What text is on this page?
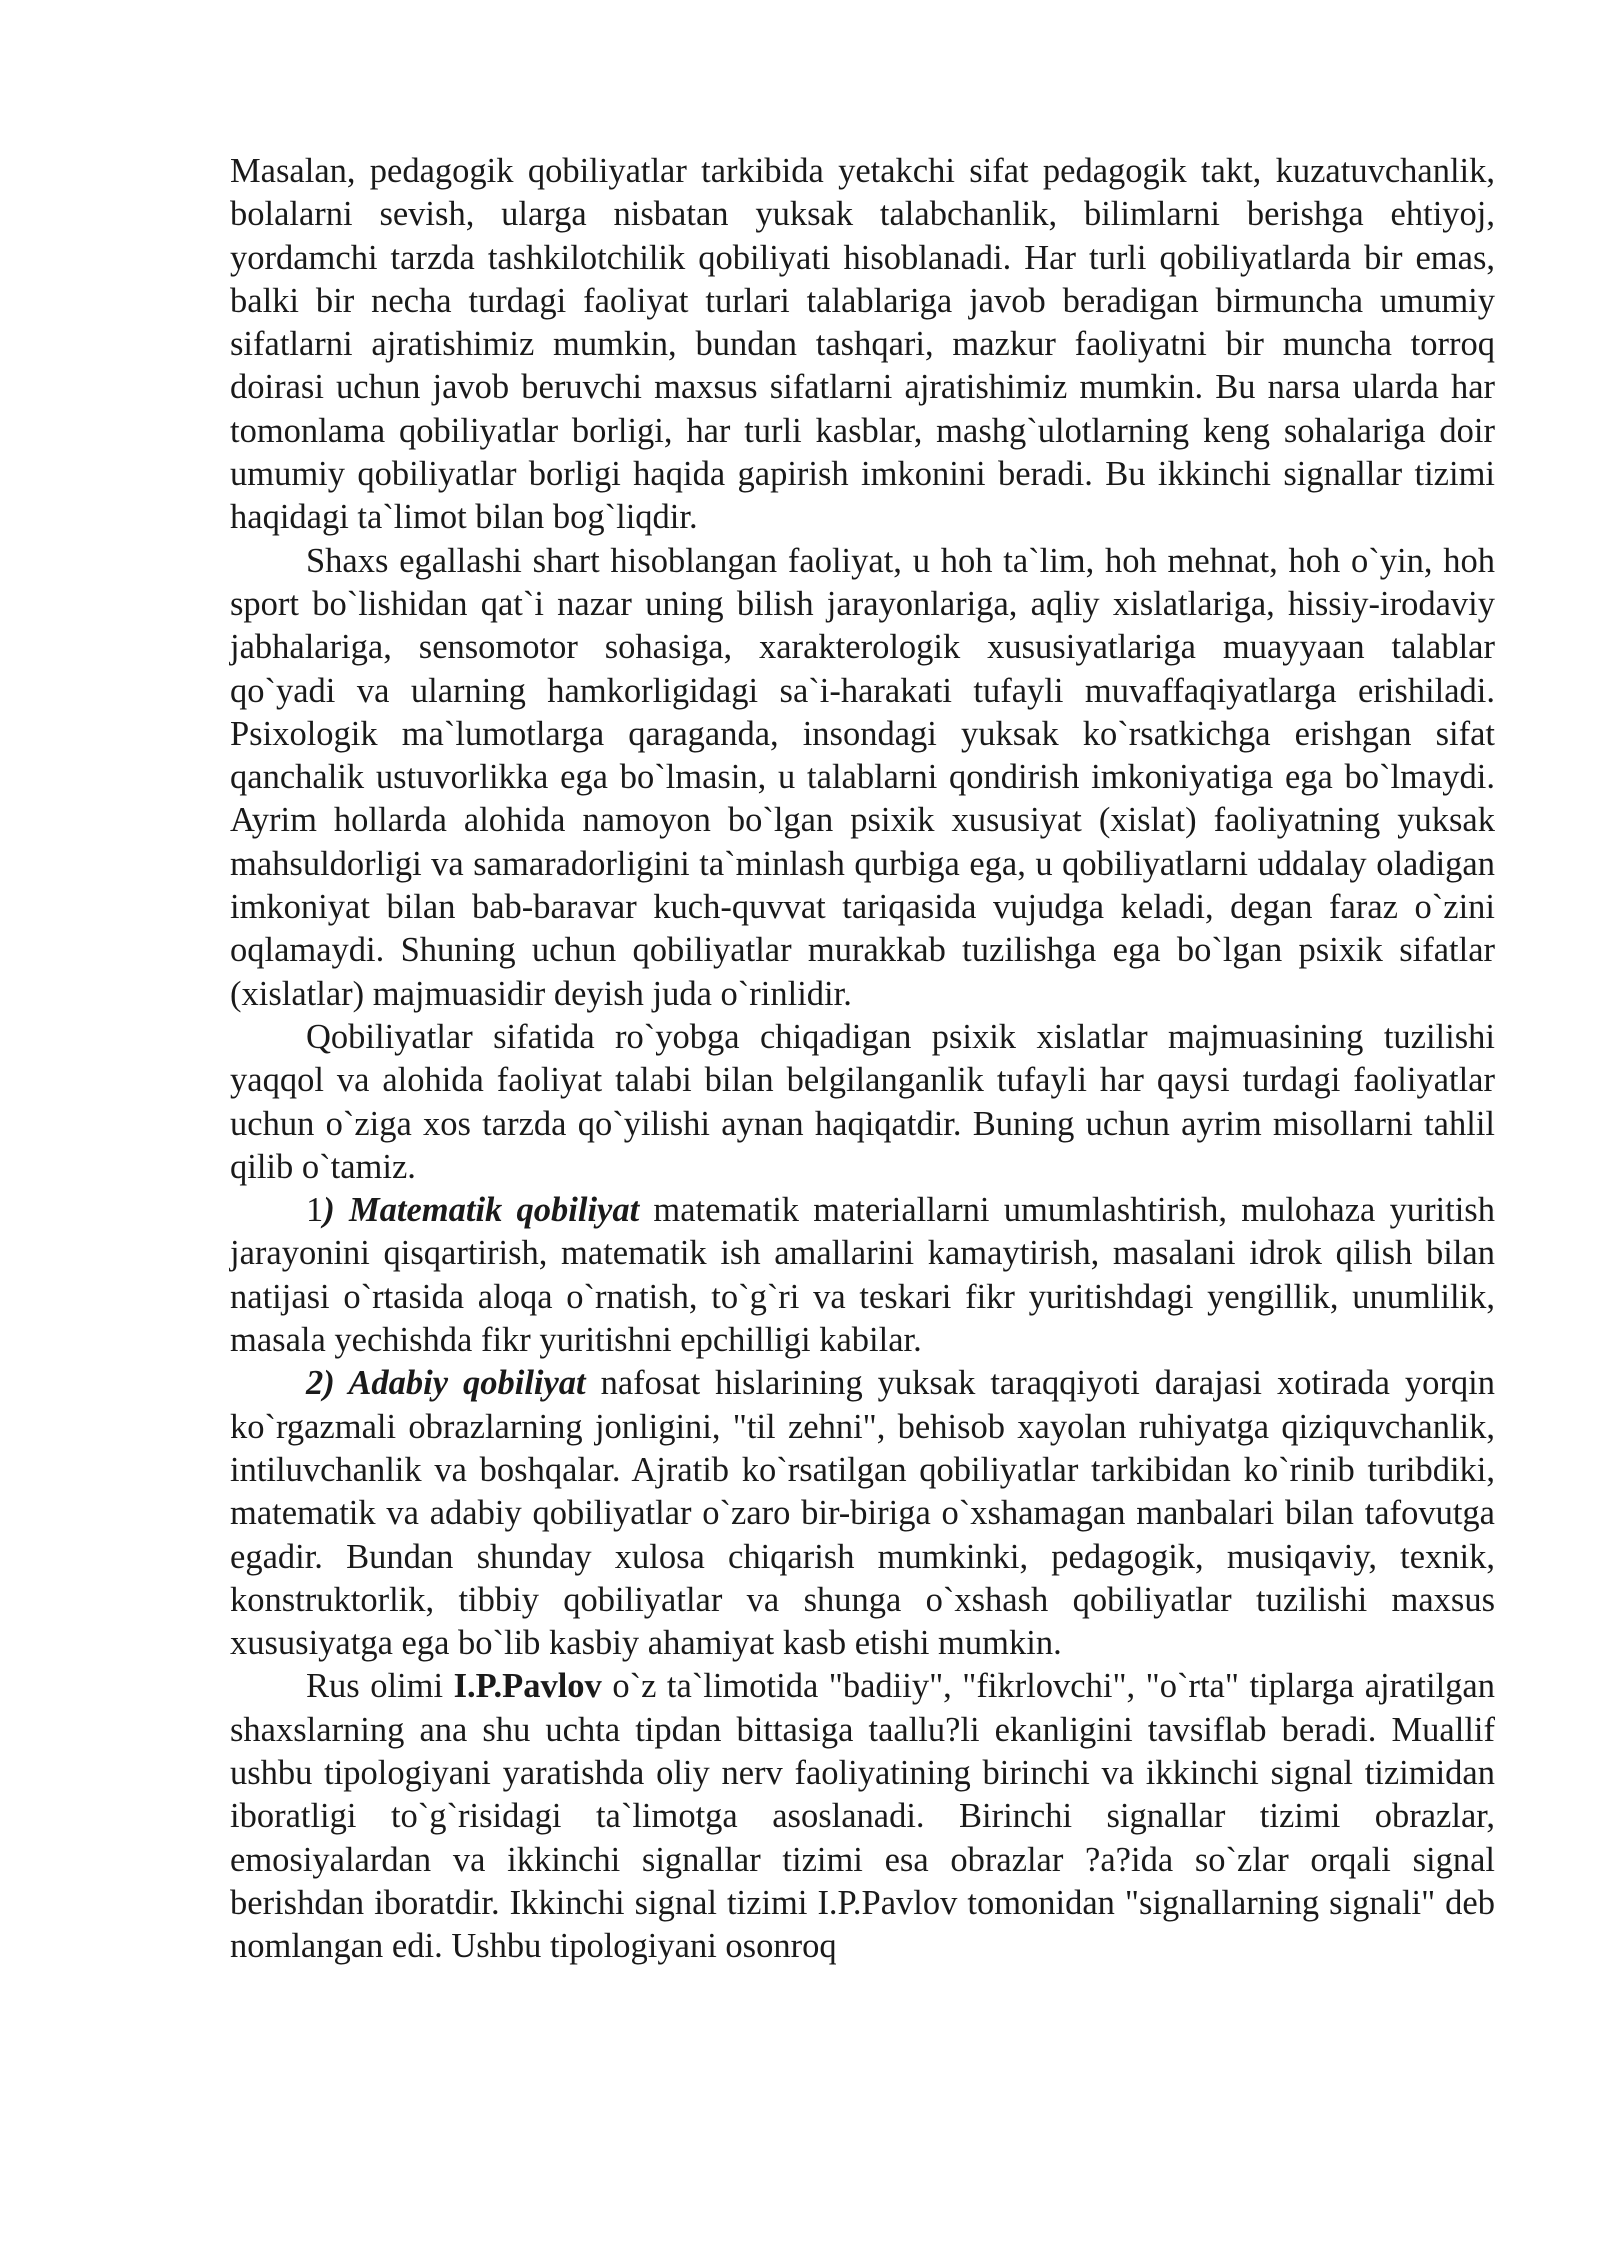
Masalan, pedagogik qobiliyatlar tarkibida yetakchi sifat pedagogik takt, kuzatuvchanlik, bolalarni sevish, ularga nisbatan yuksak talabchanlik, bilimlarni berishga ehtiyoj, yordamchi tarzda tashkilotchilik qobiliyati hisoblanadi. Har turli qobiliyatlarda bir emas, balki bir necha turdagi faoliyat turlari talablariga javob beradigan birmuncha umumiy sifatlarni ajratishimiz mumkin, bundan tashqari, mazkur faoliyatni bir muncha torroq doirasi uchun javob beruvchi maxsus sifatlarni ajratishimiz mumkin. Bu narsa ularda har tomonlama qobiliyatlar borligi, har turli kasblar, mashg`ulotlarning keng sohalariga doir umumiy qobiliyatlar borligi haqida gapirish imkonini beradi. Bu ikkinchi signallar tizimi haqidagi ta`limot bilan bog`liqdir.

Shaxs egallashi shart hisoblangan faoliyat, u hoh ta`lim, hoh mehnat, hoh o`yin, hoh sport bo`lishidan qat`i nazar uning bilish jarayonlariga, aqliy xislatlariga, hissiy-irodaviy jabhalariga, sensomotor sohasiga, xarakterologik xususiyatlariga muayyaan talablar qo`yadi va ularning hamkorligidagi sa`i-harakati tufayli muvaffaqiyatlarga erishiladi. Psixologik ma`lumotlarga qaraganda, insondagi yuksak ko`rsatkichga erishgan sifat qanchalik ustuvorlikka ega bo`lmasin, u talablarni qondirish imkoniyatiga ega bo`lmaydi. Ayrim hollarda alohida namoyon bo`lgan psixik xususiyat (xislat) faoliyatning yuksak mahsuldorligi va samaradorligini ta`minlash qurbiga ega, u qobiliyatlarni uddalay oladigan imkoniyat bilan bab-baravar kuch-quvvat tariqasida vujudga keladi, degan faraz o`zini oqlamaydi. Shuning uchun qobiliyatlar murakkab tuzilishga ega bo`lgan psixik sifatlar (xislatlar) majmuasidir deyish juda o`rinlidir.

Qobiliyatlar sifatida ro`yobga chiqadigan psixik xislatlar majmuasining tuzilishi yaqqol va alohida faoliyat talabi bilan belgilanganlik tufayli har qaysi turdagi faoliyatlar uchun o`ziga xos tarzda qo`yilishi aynan haqiqatdir. Buning uchun ayrim misollarni tahlil qilib o`tamiz.

1) Matematik qobiliyat matematik materiallarni umumlashtirish, mulohaza yuritish jarayonini qisqartirish, matematik ish amallarini kamaytirish, masalani idrok qilish bilan natijasi o`rtasida aloqa o`rnatish, to`g`ri va teskari fikr yuritishdagi yengillik, unumlilik, masala yechishda fikr yuritishni epchilligi kabilar.

2) Adabiy qobiliyat nafosat hislarining yuksak taraqqiyoti darajasi xotirada yorqin ko`rgazmali obrazlarning jonligini, "til zehni", behisob xayolan ruhiyatga qiziquvchanlik, intiluvchanlik va boshqalar. Ajratib ko`rsatilgan qobiliyatlar tarkibidan ko`rinib turibdiki, matematik va adabiy qobiliyatlar o`zaro bir-biriga o`xshamagan manbalari bilan tafovutga egadir. Bundan shunday xulosa chiqarish mumkinki, pedagogik, musiqaviy, texnik, konstruktorlik, tibbiy qobiliyatlar va shunga o`xshash qobiliyatlar tuzilishi maxsus xususiyatga ega bo`lib kasbiy ahamiyat kasb etishi mumkin.

Rus olimi I.P.Pavlov o`z ta`limotida "badiiy", "fikrlovchi", "o`rta" tiplarga ajratilgan shaxslarning ana shu uchta tipdan bittasiga taallu?li ekanligini tavsiflab beradi. Muallif ushbu tipologiyani yaratishda oliy nerv faoliyatining birinchi va ikkinchi signal tizimidan iboratligi to`g`risidagi ta`limotga asoslanadi. Birinchi signallar tizimi obrazlar, emosiyalardan va ikkinchi signallar tizimi esa obrazlar ?a?ida so`zlar orqali signal berishdan iboratdir. Ikkinchi signal tizimi I.P.Pavlov tomonidan "signallarning signali" deb nomlangan edi. Ushbu tipologiyani osonroq
